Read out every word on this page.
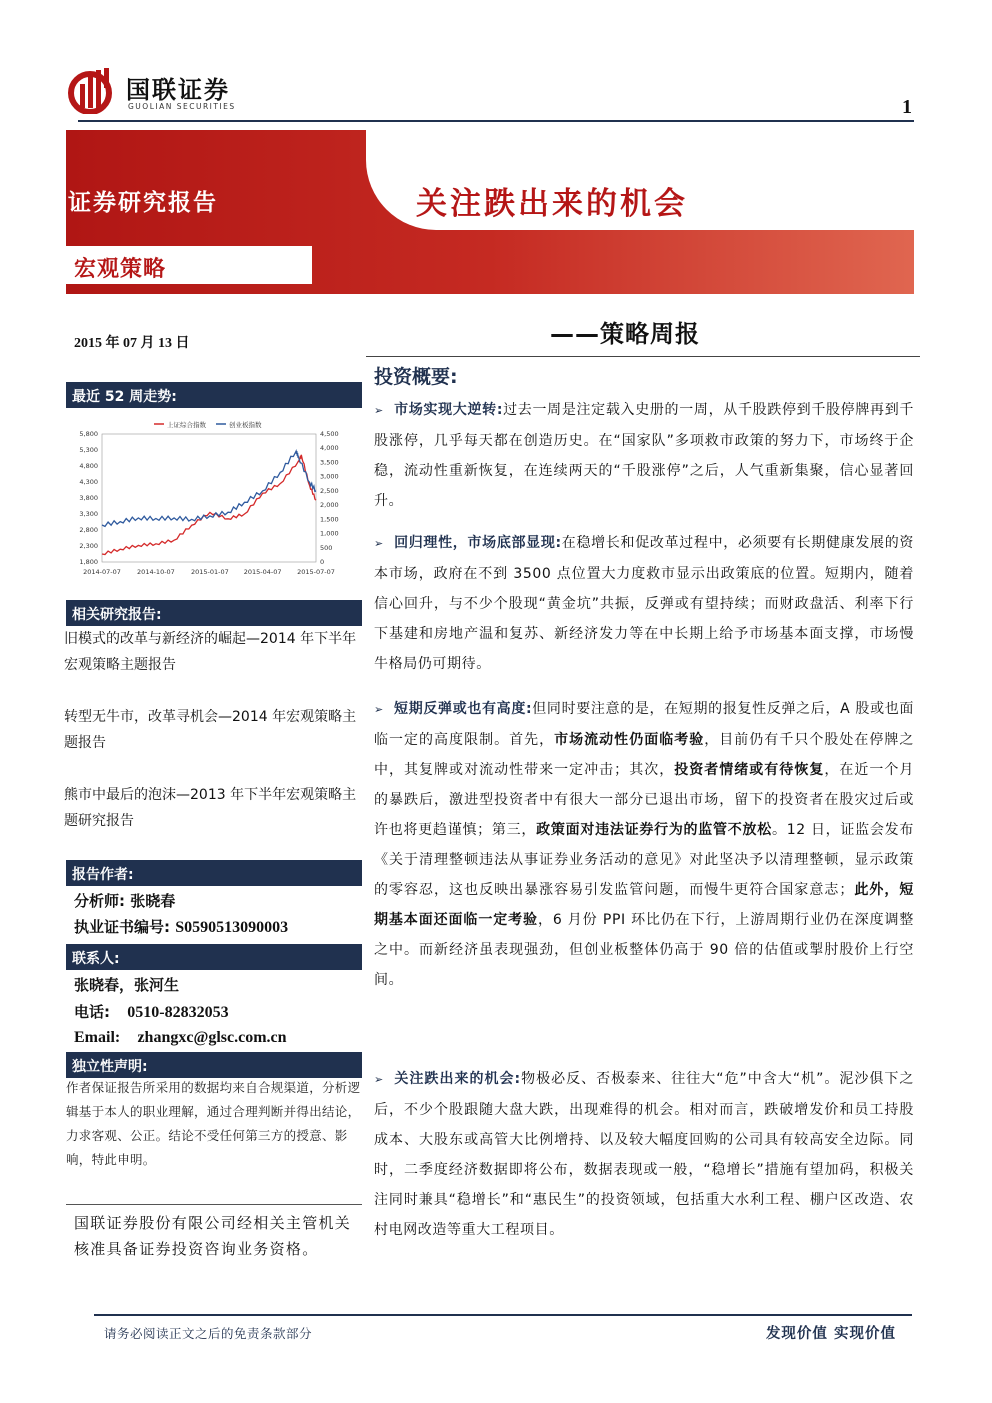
国联证券
GUOLIAN SECURITIES	1
证券研究报告
宏观策略
关注跌出来的机会
2015 年 07 月 13 日	——策略周报
最近 52 周走势:
1,800
2,300
2,800
3,300
3,800
4,300
4,800
5,300
5,800
0
500
1,000
1,500
2,000
2,500
3,000
3,500
4,000
4,500
2014-07-07 2014-10-07 2015-01-07 2015-04-07 2015-07-07
上证综合指数	创业板指数
相关研究报告:
旧模式的改革与新经济的崛起—2014 年下半年宏观策略主题报告
转型无牛市，改革寻机会—2014 年宏观策略主题报告
熊市中最后的泡沫—2013 年下半年宏观策略主题研究报告
报告作者:
分析师: 张晓春
执业证书编号: S0590513090003
联系人:
张晓春，张河生
电话: 0510-82832053
Email: zhangxc@glsc.com.cn
独立性声明:
作者保证报告所采用的数据均来自合规渠道，分析逻辑基于本人的职业理解，通过合理判断并得出结论，力求客观、公正。结论不受任何第三方的授意、影响，特此申明。
国联证券股份有限公司经相关主管机关核准具备证券投资咨询业务资格。
投资概要:
➢ 市场实现大逆转:过去一周是注定载入史册的一周，从千股跌停到千股停牌再到千股涨停，几乎每天都在创造历史。在“国家队”多项救市政策的努力下，市场终于企稳，流动性重新恢复，在连续两天的“千股涨停”之后，人气重新集聚，信心显著回升。
➢ 回归理性，市场底部显现:在稳增长和促改革过程中，必须要有长期健康发展的资本市场，政府在不到 3500 点位置大力度救市显示出政策底的位置。短期内，随着信心回升，与不少个股现“黄金坑”共振，反弹或有望持续；而财政盘活、利率下行下基建和房地产温和复苏、新经济发力等在中长期上给予市场基本面支撑，市场慢牛格局仍可期待。
➢ 短期反弹或也有高度:但同时要注意的是，在短期的报复性反弹之后，A 股或也面临一定的高度限制。首先，市场流动性仍面临考验，目前仍有千只个股处在停牌之中，其复牌或对流动性带来一定冲击；其次，投资者情绪或有待恢复，在近一个月的暴跌后，激进型投资者中有很大一部分已退出市场，留下的投资者在股灾过后或许也将更趋谨慎；第三，政策面对违法证券行为的监管不放松。12 日，证监会发布《关于清理整顿违法从事证券业务活动的意见》对此坚决予以清理整顿，显示政策的零容忍，这也反映出暴涨容易引发监管问题，而慢牛更符合国家意志；此外，短期基本面还面临一定考验，6 月份 PPI 环比仍在下行，上游周期行业仍在深度调整之中。而新经济虽表现强劲，但创业板整体仍高于 90 倍的估值或掣肘股价上行空间。
➢ 关注跌出来的机会:物极必反、否极泰来、往往大“危”中含大“机”。泥沙俱下之后，不少个股跟随大盘大跌，出现难得的机会。相对而言，跌破增发价和员工持股成本、大股东或高管大比例增持、以及较大幅度回购的公司具有较高安全边际。同时，二季度经济数据即将公布，数据表现或一般，“稳增长”措施有望加码，积极关注同时兼具“稳增长”和“惠民生”的投资领域，包括重大水利工程、棚户区改造、农村电网改造等重大工程项目。
请务必阅读正文之后的免责条款部分	发现价值 实现价值
